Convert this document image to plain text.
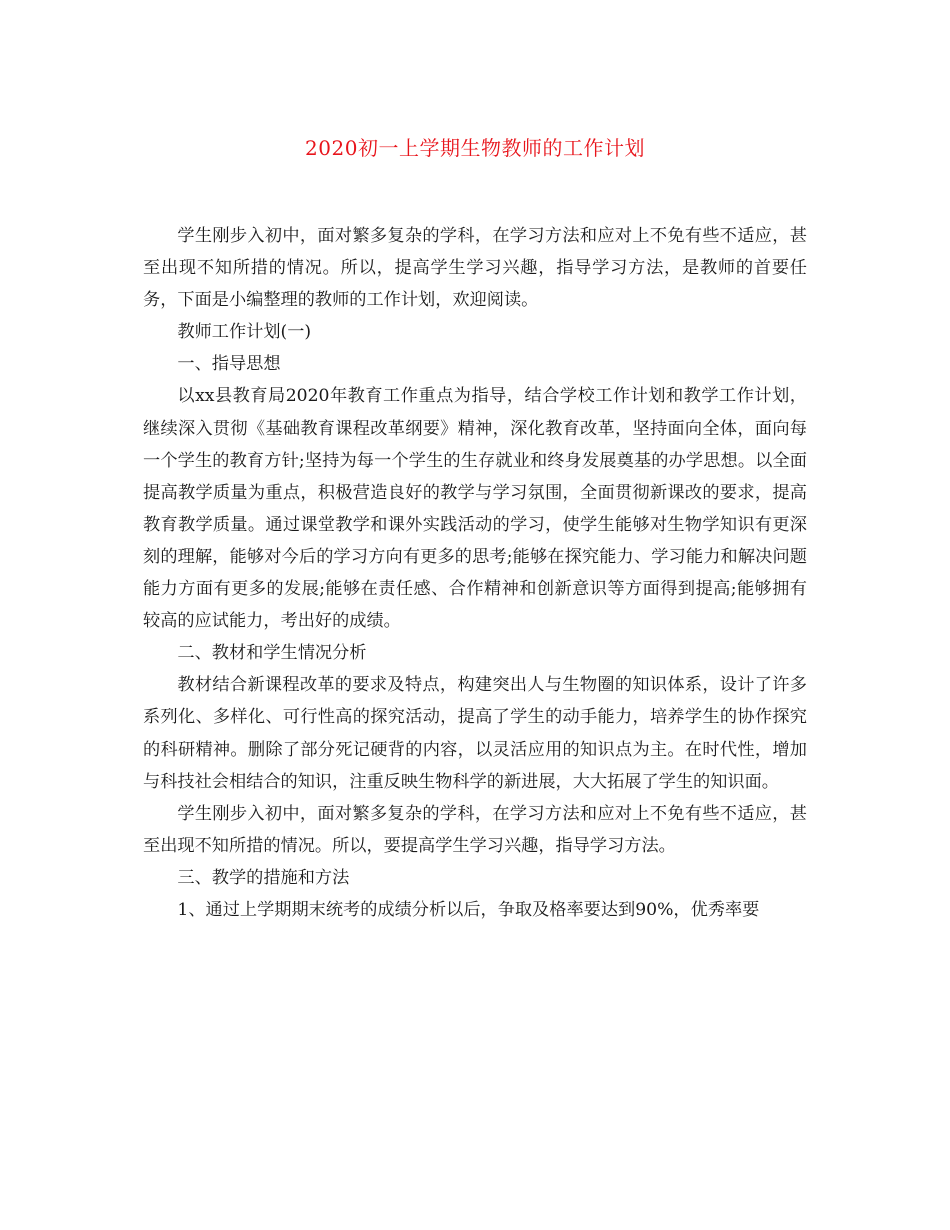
2020初一上学期生物教师的工作计划

学生刚步入初中，面对繁多复杂的学科，在学习方法和应对上不免有些不适应，甚至出现不知所措的情况。所以，提高学生学习兴趣，指导学习方法，是教师的首要任务，下面是小编整理的教师的工作计划，欢迎阅读。

教师工作计划(一)

一、指导思想

以xx县教育局2020年教育工作重点为指导，结合学校工作计划和教学工作计划，继续深入贯彻《基础教育课程改革纲要》精神，深化教育改革，坚持面向全体，面向每一个学生的教育方针;坚持为每一个学生的生存就业和终身发展奠基的办学思想。以全面提高教学质量为重点，积极营造良好的教学与学习氛围，全面贯彻新课改的要求，提高教育教学质量。通过课堂教学和课外实践活动的学习，使学生能够对生物学知识有更深刻的理解，能够对今后的学习方向有更多的思考;能够在探究能力、学习能力和解决问题能力方面有更多的发展;能够在责任感、合作精神和创新意识等方面得到提高;能够拥有较高的应试能力，考出好的成绩。

二、教材和学生情况分析

教材结合新课程改革的要求及特点，构建突出人与生物圈的知识体系，设计了许多系列化、多样化、可行性高的探究活动，提高了学生的动手能力，培养学生的协作探究的科研精神。删除了部分死记硬背的内容，以灵活应用的知识点为主。在时代性，增加与科技社会相结合的知识，注重反映生物科学的新进展，大大拓展了学生的知识面。

学生刚步入初中，面对繁多复杂的学科，在学习方法和应对上不免有些不适应，甚至出现不知所措的情况。所以，要提高学生学习兴趣，指导学习方法。

三、教学的措施和方法

1、通过上学期期末统考的成绩分析以后，争取及格率要达到90%，优秀率要
